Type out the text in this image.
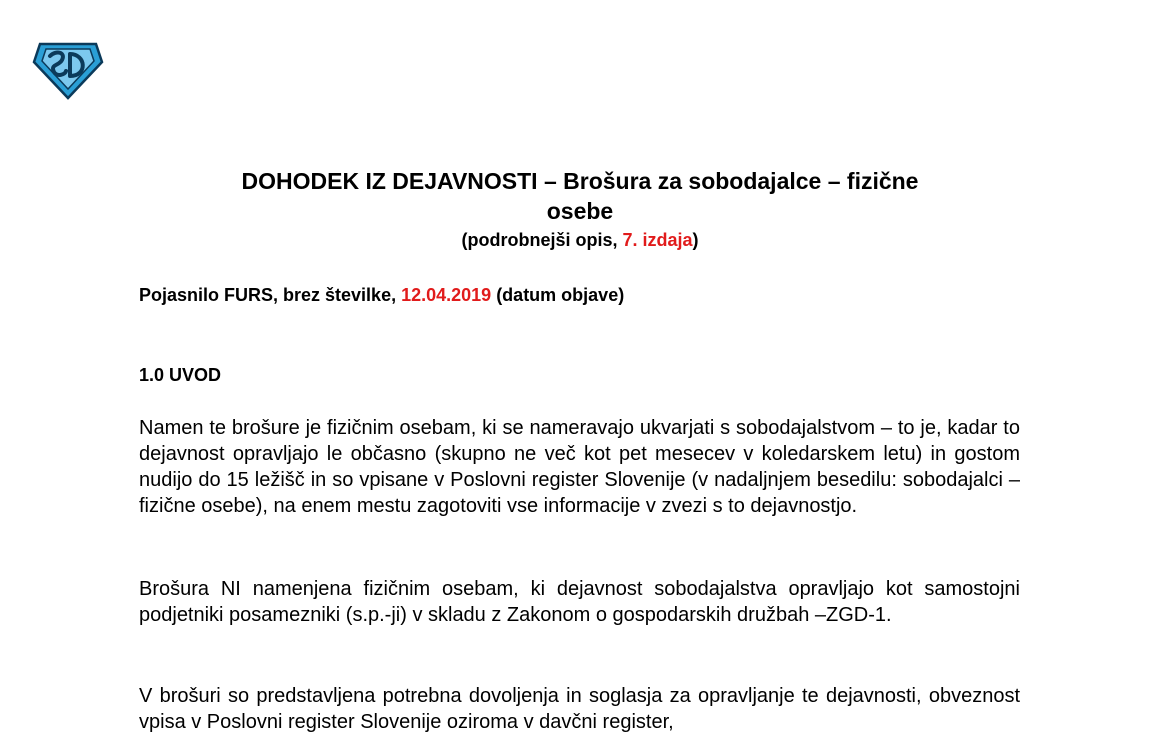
DOHODEK IZ DEJAVNOSTI – Brošura za sobodajalce – fizične osebe
(podrobnejši opis, 7. izdaja)
Pojasnilo FURS, brez številke, 12.04.2019 (datum objave)
1.0 UVOD

Namen te brošure je fizičnim osebam, ki se nameravajo ukvarjati s sobodajalstvom – to je, kadar to dejavnost opravljajo le občasno (skupno ne več kot pet mesecev v koledarskem letu) in gostom nudijo do 15 ležišč in so vpisane v Poslovni register Slovenije (v nadaljnjem besedilu: sobodajalci – fizične osebe), na enem mestu zagotoviti vse informacije v zvezi s to dejavnostjo.

Brošura NI namenjena fizičnim osebam, ki dejavnost sobodajalstva opravljajo kot samostojni podjetniki posamezniki (s.p.-ji) v skladu z Zakonom o gospodarskih družbah –ZGD-1.

V brošuri so predstavljena potrebna dovoljenja in soglasja za opravljanje te dejavnosti, obveznost vpisa v Poslovni register Slovenije oziroma v davčni register,
